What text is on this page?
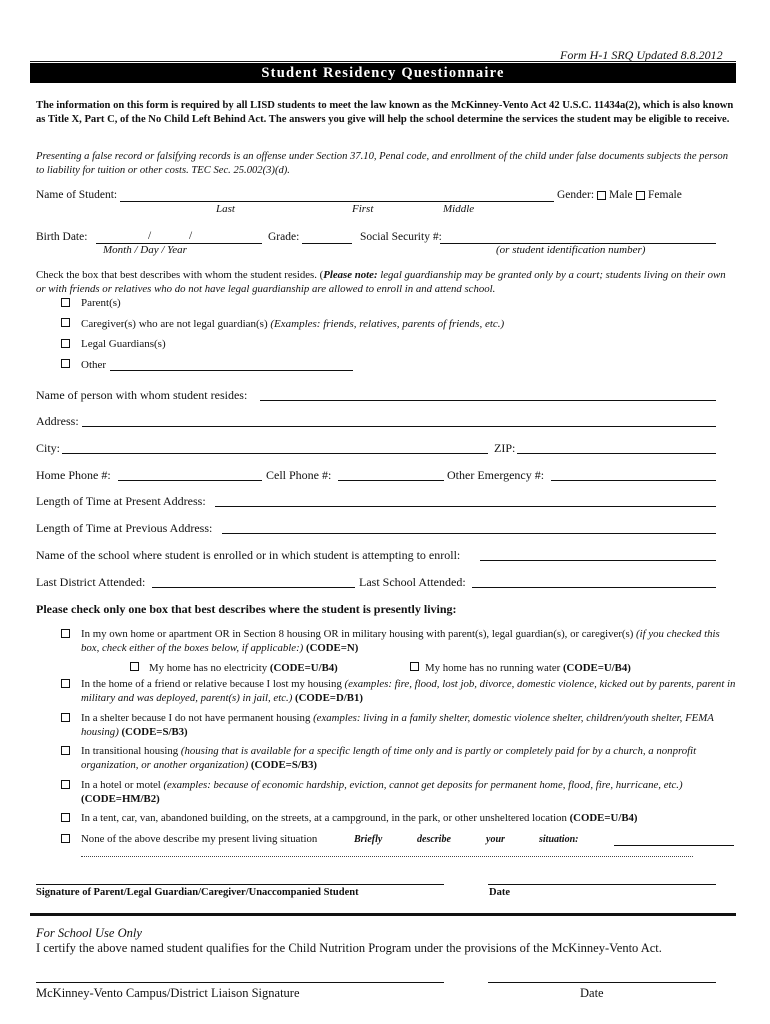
Form H-1 SRQ Updated 8.8.2012
Student Residency Questionnaire
The information on this form is required by all LISD students to meet the law known as the McKinney-Vento Act 42 U.S.C. 11434a(2), which is also known as Title X, Part C, of the No Child Left Behind Act. The answers you give will help the school determine the services the student may be eligible to receive.
Presenting a false record or falsifying records is an offense under Section 37.10, Penal code, and enrollment of the child under false documents subjects the person to liability for tuition or other costs. TEC Sec. 25.002(3)(d).
Name of Student:
Last	First	Middle
Gender: Male Female
Birth Date:	/	/
Month / Day / Year
Grade:	Social Security #:
(or student identification number)
Check the box that best describes with whom the student resides. (Please note: legal guardianship may be granted only by a court; students living on their own or with friends or relatives who do not have legal guardianship are allowed to enroll in and attend school.
Parent(s)
Caregiver(s) who are not legal guardian(s) (Examples: friends, relatives, parents of friends, etc.)
Legal Guardians(s)
Other
Name of person with whom student resides:
Address:
City:	ZIP:
Home Phone #:	Cell Phone #:	Other Emergency #:
Length of Time at Present Address:
Length of Time at Previous Address:
Name of the school where student is enrolled or in which student is attempting to enroll:
Last District Attended:	Last School Attended:
Please check only one box that best describes where the student is presently living:
In my own home or apartment OR in Section 8 housing OR in military housing with parent(s), legal guardian(s), or caregiver(s) (if you checked this box, check either of the boxes below, if applicable:) (CODE=N)
My home has no electricity (CODE=U/B4)	My home has no running water (CODE=U/B4)
In the home of a friend or relative because I lost my housing (examples: fire, flood, lost job, divorce, domestic violence, kicked out by parents, parent in military and was deployed, parent(s) in jail, etc.) (CODE=D/B1)
In a shelter because I do not have permanent housing (examples: living in a family shelter, domestic violence shelter, children/youth shelter, FEMA housing) (CODE=S/B3)
In transitional housing (housing that is available for a specific length of time only and is partly or completely paid for by a church, a nonprofit organization, or another organization) (CODE=S/B3)
In a hotel or motel (examples: because of economic hardship, eviction, cannot get deposits for permanent home, flood, fire, hurricane, etc.) (CODE=HM/B2)
In a tent, car, van, abandoned building, on the streets, at a campground, in the park, or other unsheltered location (CODE=U/B4)
None of the above describe my present living situation	Briefly	describe	your	situation:
Signature of Parent/Legal Guardian/Caregiver/Unaccompanied Student	Date
For School Use Only
I certify the above named student qualifies for the Child Nutrition Program under the provisions of the McKinney-Vento Act.
McKinney-Vento Campus/District Liaison Signature	Date
